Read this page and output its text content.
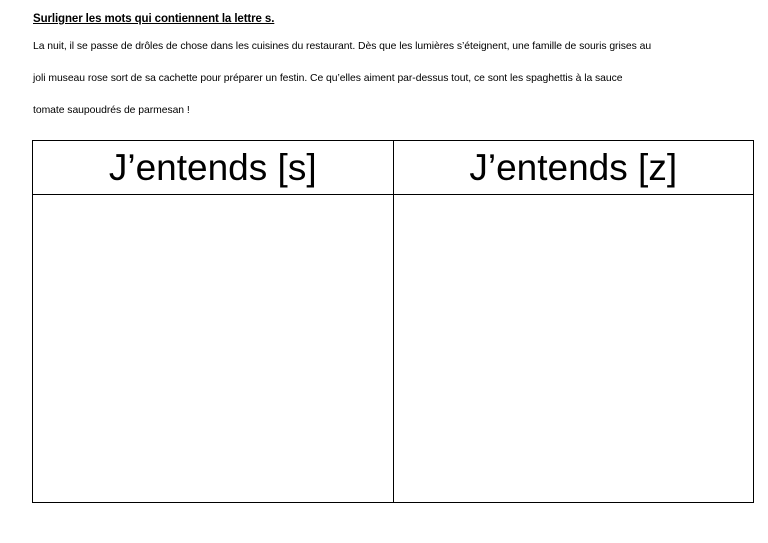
Surligner les mots qui contiennent la lettre s.
La nuit, il se passe de drôles de chose dans les cuisines du restaurant. Dès que les lumières s’éteignent, une famille de souris grises au
joli museau rose sort de sa cachette pour préparer un festin. Ce qu’elles aiment par-dessus tout, ce sont les spaghettis à la sauce
tomate saupoudrés de parmesan !
J’entends [s]	J’entends [z]
